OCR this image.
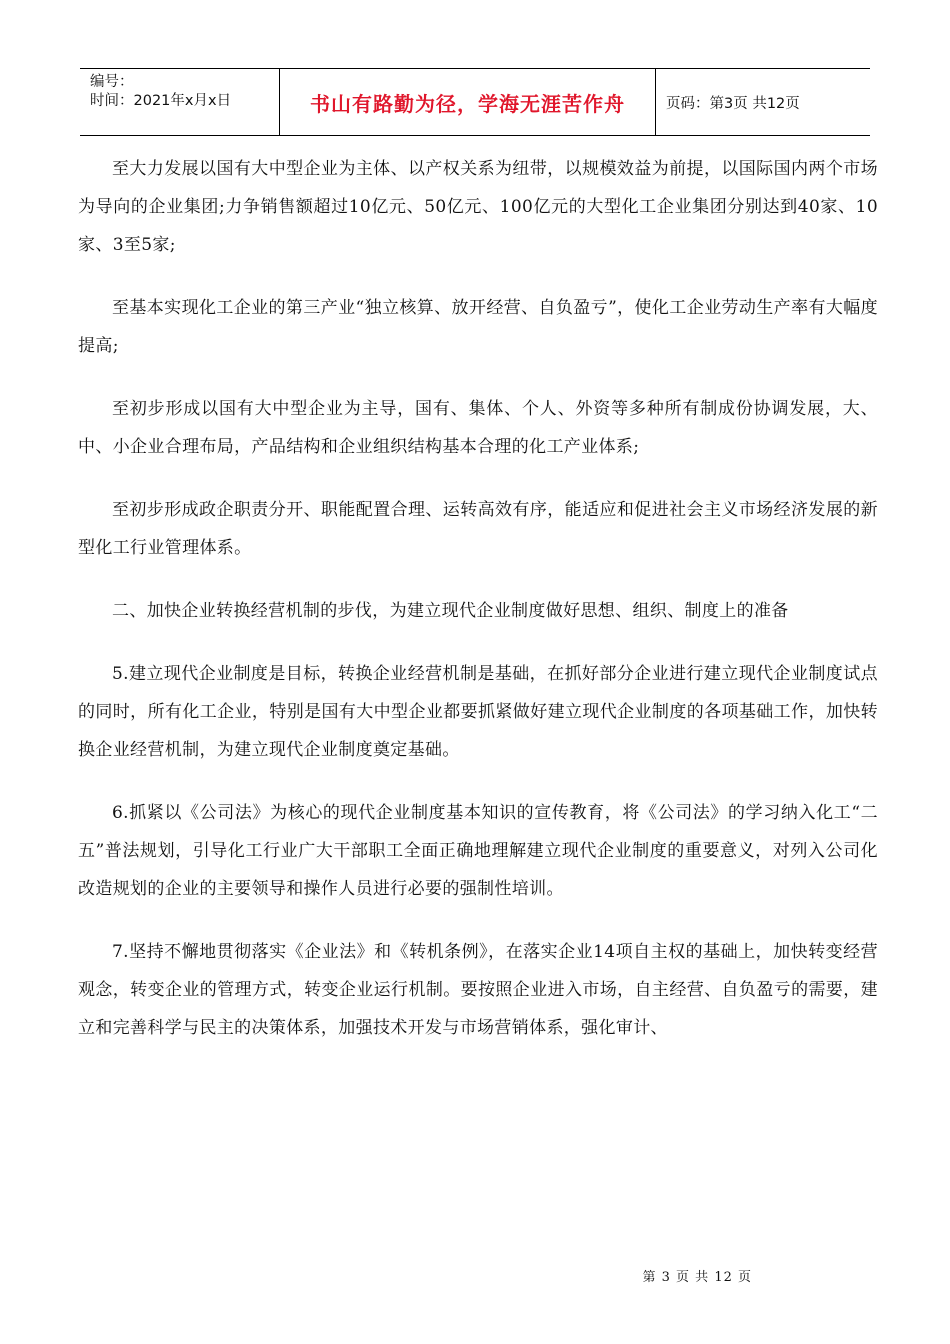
编号：
时间：2021年x月x日	书山有路勤为径，学海无涯苦作舟	页码：第3页 共12页

至大力发展以国有大中型企业为主体、以产权关系为纽带，以规模效益为前提，以国际国内两个市场为导向的企业集团;力争销售额超过10亿元、50亿元、100亿元的大型化工企业集团分别达到40家、10家、3至5家;

至基本实现化工企业的第三产业“独立核算、放开经营、自负盈亏”，使化工企业劳动生产率有大幅度提高;

至初步形成以国有大中型企业为主导，国有、集体、个人、外资等多种所有制成份协调发展，大、中、小企业合理布局，产品结构和企业组织结构基本合理的化工产业体系;

至初步形成政企职责分开、职能配置合理、运转高效有序，能适应和促进社会主义市场经济发展的新型化工行业管理体系。

二、加快企业转换经营机制的步伐，为建立现代企业制度做好思想、组织、制度上的准备

5.建立现代企业制度是目标，转换企业经营机制是基础，在抓好部分企业进行建立现代企业制度试点的同时，所有化工企业，特别是国有大中型企业都要抓紧做好建立现代企业制度的各项基础工作，加快转换企业经营机制，为建立现代企业制度奠定基础。

6.抓紧以《公司法》为核心的现代企业制度基本知识的宣传教育，将《公司法》的学习纳入化工“二五”普法规划，引导化工行业广大干部职工全面正确地理解建立现代企业制度的重要意义，对列入公司化改造规划的企业的主要领导和操作人员进行必要的强制性培训。

7.坚持不懈地贯彻落实《企业法》和《转机条例》，在落实企业14项自主权的基础上，加快转变经营观念，转变企业的管理方式，转变企业运行机制。要按照企业进入市场，自主经营、自负盈亏的需要，建立和完善科学与民主的决策体系，加强技术开发与市场营销体系，强化审计、

第 3 页 共 12 页
